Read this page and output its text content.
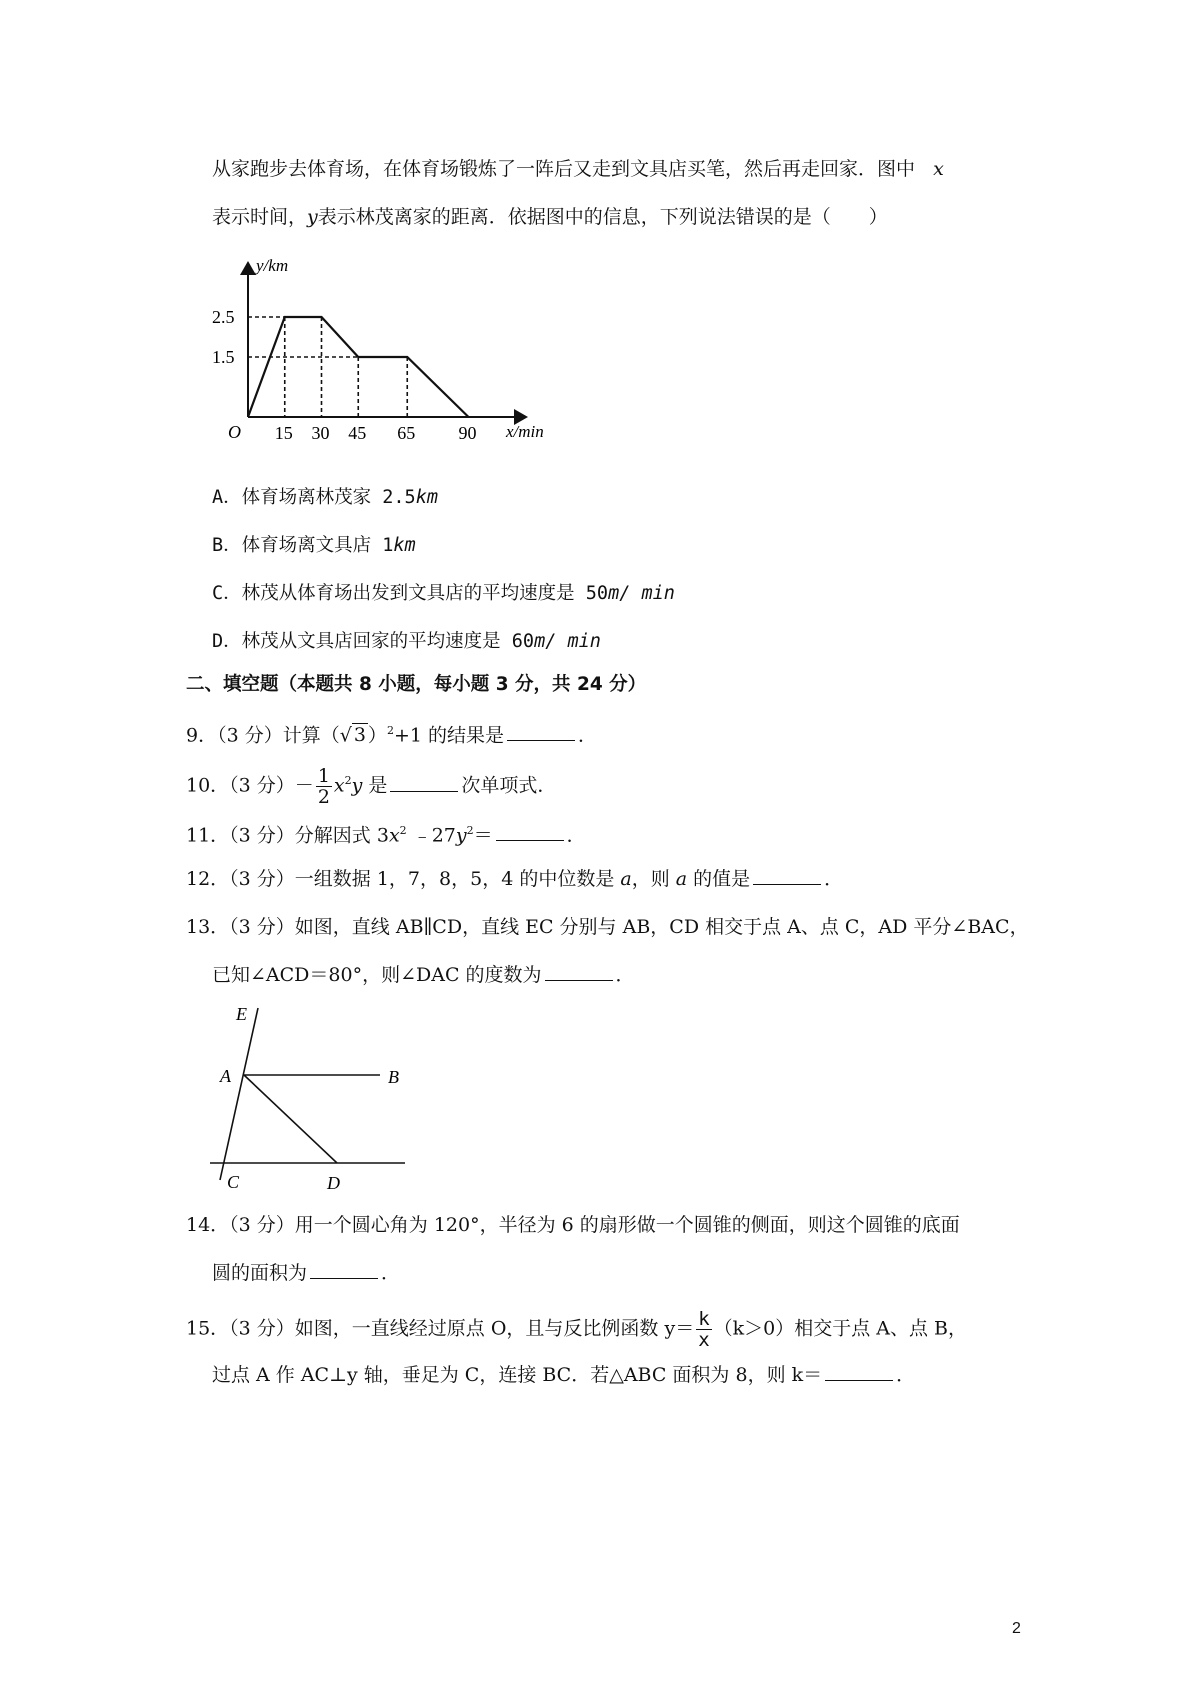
从家跑步去体育场，在体育场锻炼了一阵后又走到文具店买笔，然后再走回家．图中 x
表示时间，y表示林茂离家的距离．依据图中的信息，下列说法错误的是（　　）
15 30 45 65 90
2.5
1.5
y/km
x/min
O
A．体育场离林茂家 2.5km
B．体育场离文具店 1km
C．林茂从体育场出发到文具店的平均速度是 50m/ min
D．林茂从文具店回家的平均速度是 60m/ min
二、填空题（本题共 8 小题，每小题 3 分，共 24 分）
9．（3 分）计算（√ 3 ）$^2$+1 的结果是	．
10．（3 分）－ $\frac{1}{2} x^2y$ 是	次单项式．
11．（3 分）分解因式 $3x^2$ $﹣27y^2=$	．
12．（3 分）一组数据 1，7，8，5，4 的中位数是 a，则 a 的值是	．
13．（3 分）如图，直线 AB∥CD，直线 EC 分别与 AB，CD 相交于点 A、点 C，AD 平分∠BAC，
已知∠ACD＝80°，则∠DAC 的度数为	．
E
A	B
C	D
14．（3 分）用一个圆心角为 120°，半径为 6 的扇形做一个圆锥的侧面，则这个圆锥的底面
圆的面积为	．
15．（3 分）如图，一直线经过原点 O，且与反比例函数 $y= \frac{k}{x} (k>0)$相交于点 A、点 B，
过点 A 作 AC⊥y 轴，垂足为 C，连接 BC．若△ABC 面积为 8，则 k＝	．
2
